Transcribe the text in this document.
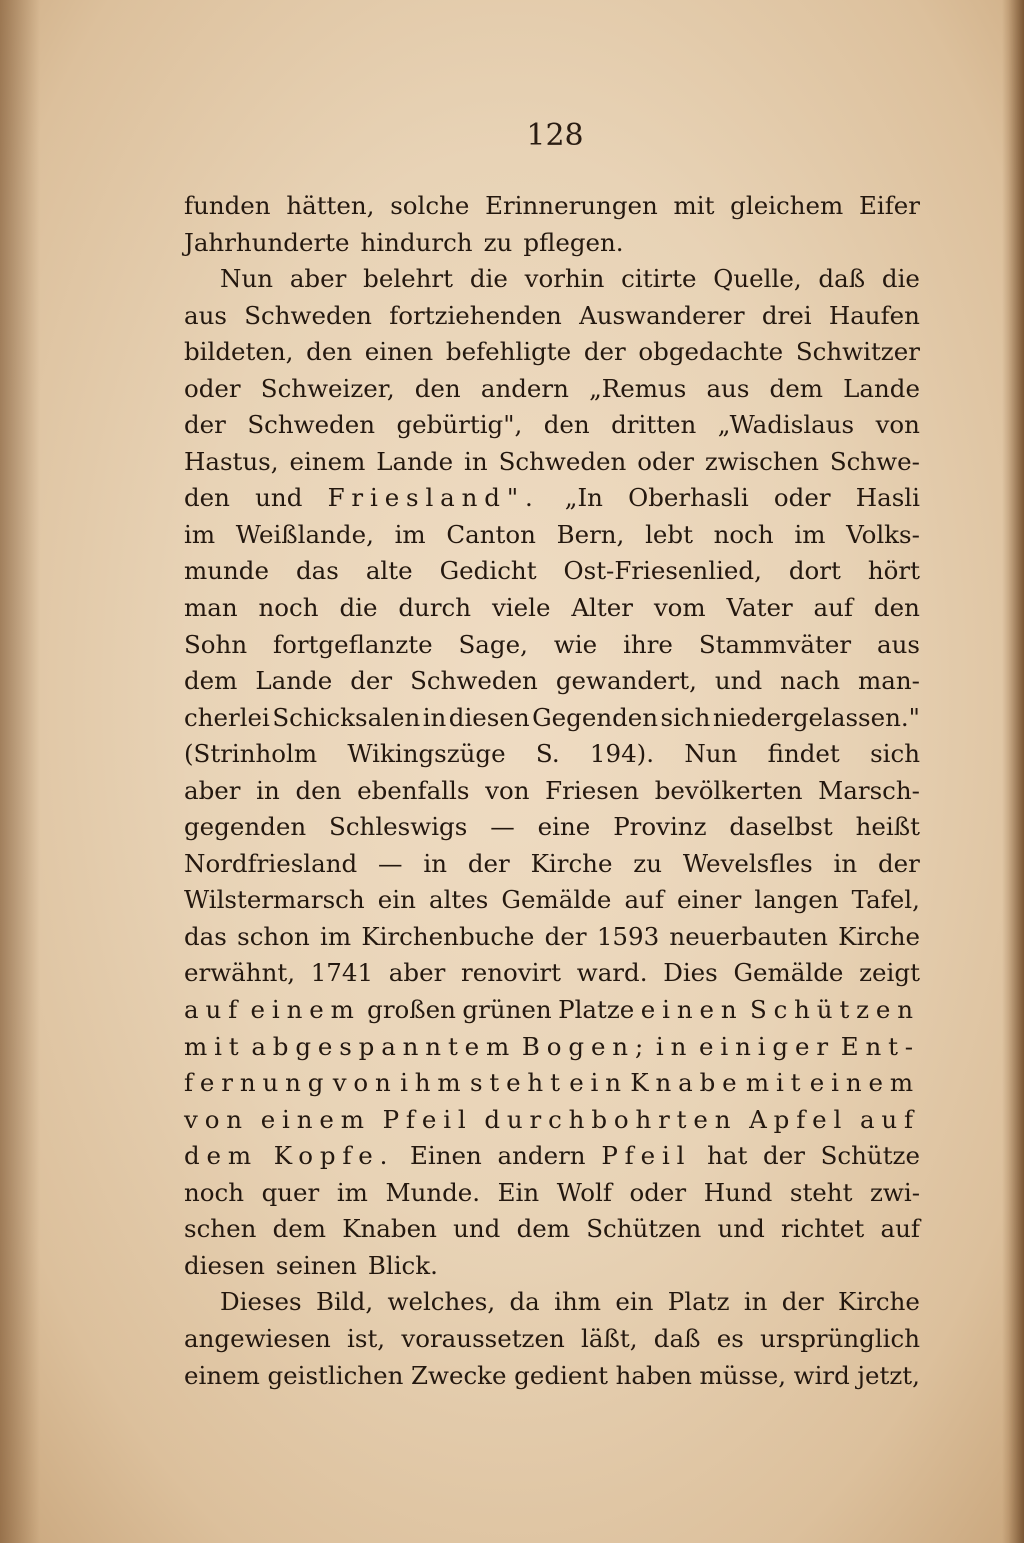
128
funden hätten, solche Erinnerungen mit gleichem Eifer
Jahrhunderte hindurch zu pflegen.
Nun aber belehrt die vorhin citirte Quelle, daß die
aus Schweden fortziehenden Auswanderer drei Haufen
bildeten, den einen befehligte der obgedachte Schwitzer
oder Schweizer, den andern „Remus aus dem Lande
der Schweden gebürtig", den dritten „Wadislaus von
Hastus, einem Lande in Schweden oder zwischen Schwe-
den und Friesland". „In Oberhasli oder Hasli
im Weißlande, im Canton Bern, lebt noch im Volks-
munde das alte Gedicht Ost-Friesenlied, dort hört
man noch die durch viele Alter vom Vater auf den
Sohn fortgeflanzte Sage, wie ihre Stammväter aus
dem Lande der Schweden gewandert, und nach man-
cherlei Schicksalen in diesen Gegenden sich niedergelassen."
(Strinholm Wikingszüge S. 194). Nun findet sich
aber in den ebenfalls von Friesen bevölkerten Marsch-
gegenden Schleswigs — eine Provinz daselbst heißt
Nordfriesland — in der Kirche zu Wevelsfles in der
Wilstermarsch ein altes Gemälde auf einer langen Tafel,
das schon im Kirchenbuche der 1593 neuerbauten Kirche
erwähnt, 1741 aber renovirt ward. Dies Gemälde zeigt
auf einem großen grünen Platze einen Schützen
mit abgespanntem Bogen; in einiger Ent-
fernung von ihm steht ein Knabe mit einem
von einem Pfeil durchbohrten Apfel auf
dem Kopfe. Einen andern Pfeil hat der Schütze
noch quer im Munde. Ein Wolf oder Hund steht zwi-
schen dem Knaben und dem Schützen und richtet auf
diesen seinen Blick.
Dieses Bild, welches, da ihm ein Platz in der Kirche
angewiesen ist, voraussetzen läßt, daß es ursprünglich
einem geistlichen Zwecke gedient haben müsse, wird jetzt,
